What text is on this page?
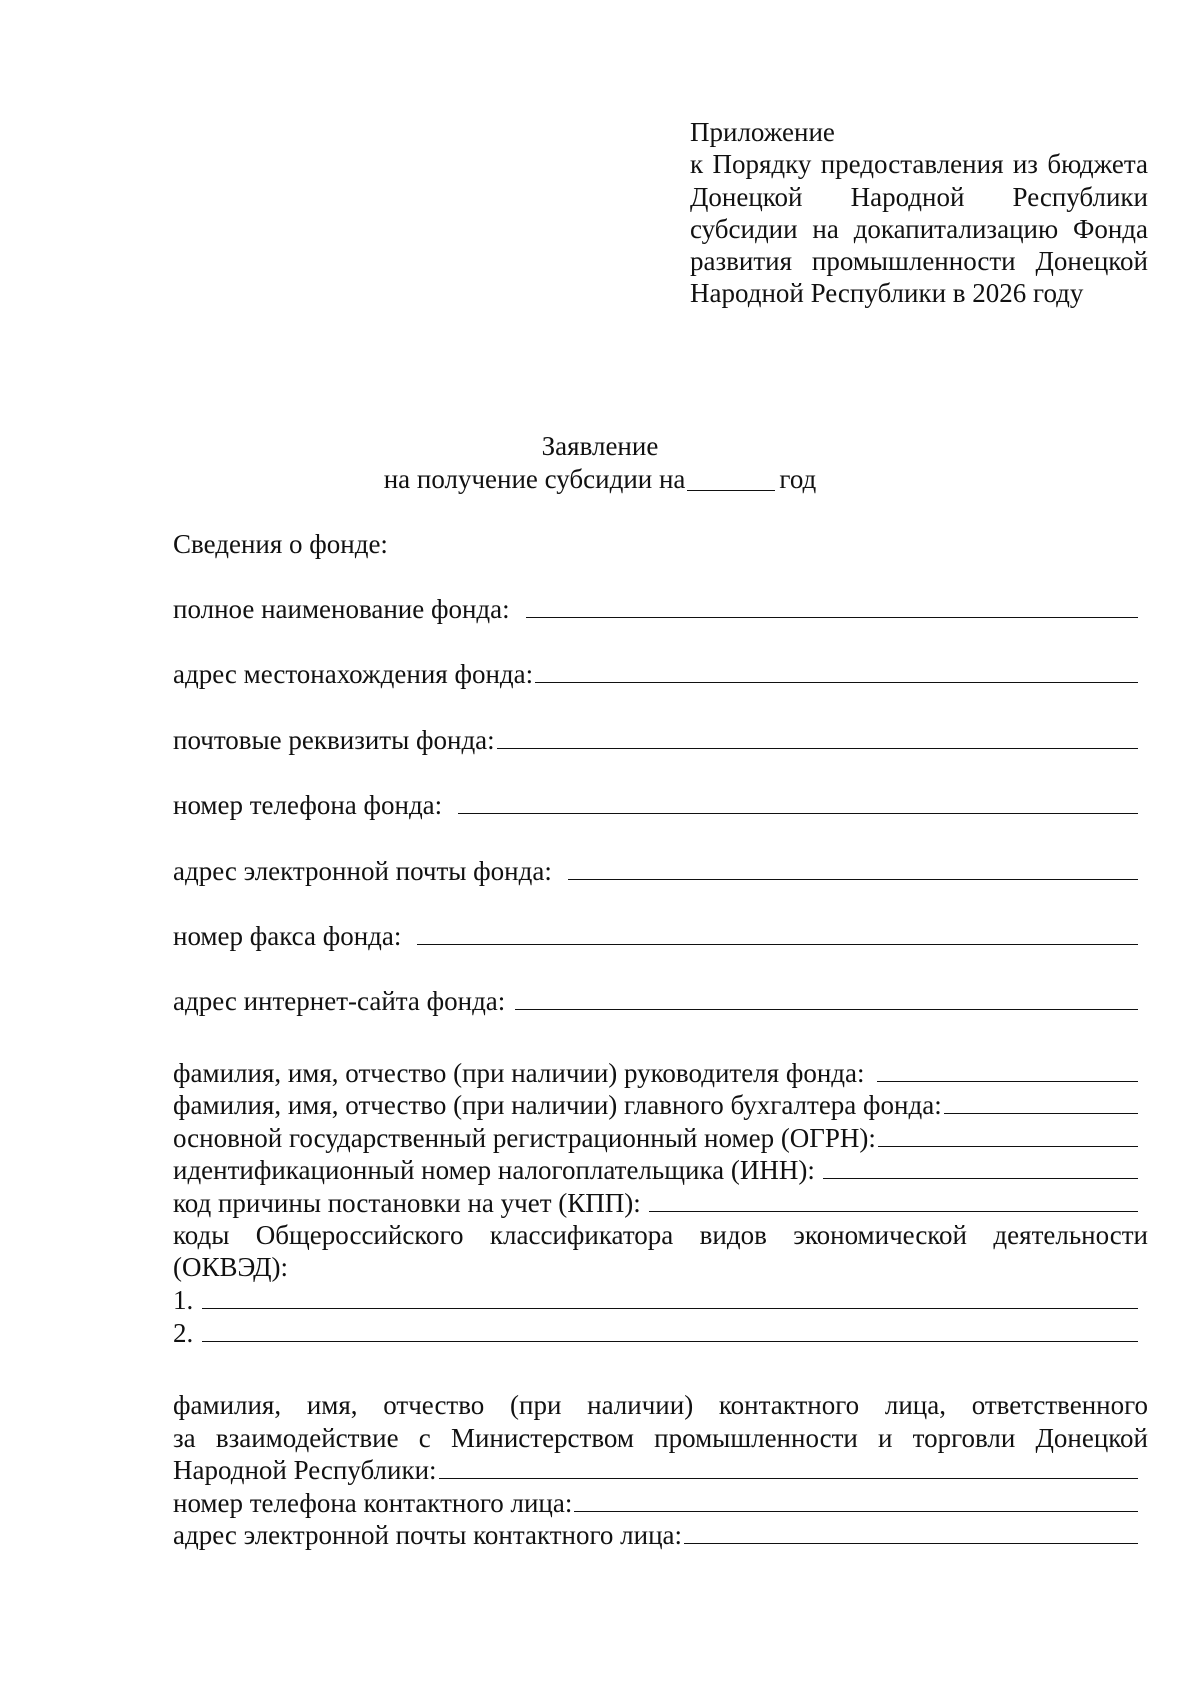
Приложение
к Порядку предоставления из бюджета Донецкой Народной Республики субсидии на докапитализацию Фонда развития промышленности Донецкой Народной Республики в 2026 году
Заявление
на получение субсидии на	год
Сведения о фонде:
полное наименование фонда:
адрес местонахождения фонда:
почтовые реквизиты фонда:
номер телефона фонда:
адрес электронной почты фонда:
номер факса фонда:
адрес интернет-сайта фонда:
фамилия, имя, отчество (при наличии) руководителя фонда:
фамилия, имя, отчество (при наличии) главного бухгалтера фонда:
основной государственный регистрационный номер (ОГРН):
идентификационный номер налогоплательщика (ИНН):
код причины постановки на учет (КПП):
коды Общероссийского классификатора видов экономической деятельности
(ОКВЭД):
1.
2.
фамилия, имя, отчество (при наличии) контактного лица, ответственного
за взаимодействие с Министерством промышленности и торговли Донецкой
Народной Республики:
номер телефона контактного лица:
адрес электронной почты контактного лица:
